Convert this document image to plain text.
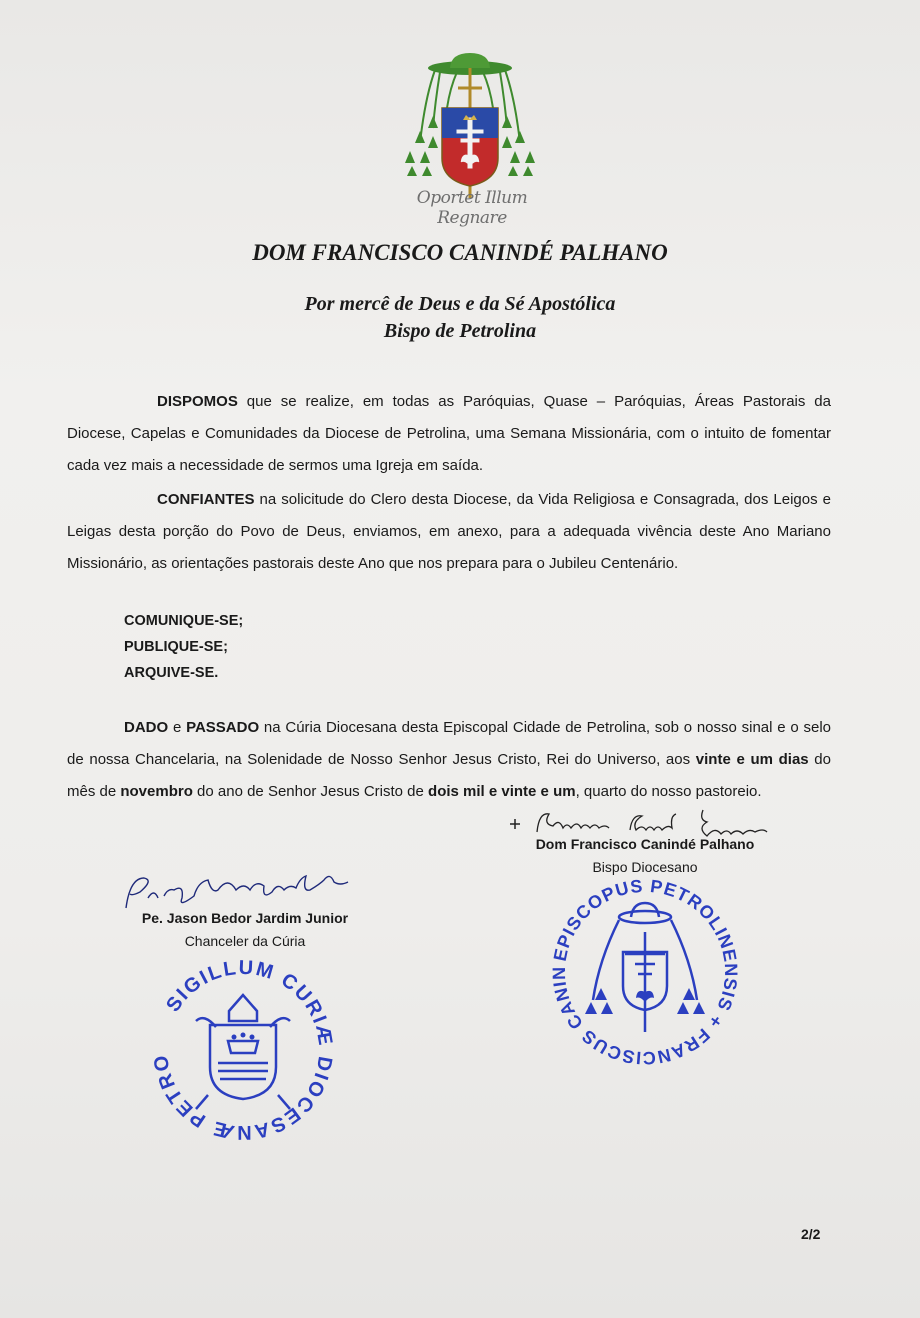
Oportet Illum Regnare
DOM FRANCISCO CANINDÉ PALHANO
Por mercê de Deus e da Sé Apostólica
Bispo de Petrolina
DISPOMOS que se realize, em todas as Paróquias, Quase – Paróquias, Áreas Pastorais da Diocese, Capelas e Comunidades da Diocese de Petrolina, uma Semana Missionária, com o intuito de fomentar cada vez mais a necessidade de sermos uma Igreja em saída.
CONFIANTES na solicitude do Clero desta Diocese, da Vida Religiosa e Consagrada, dos Leigos e Leigas desta porção do Povo de Deus, enviamos, em anexo, para a adequada vivência deste Ano Mariano Missionário, as orientações pastorais deste Ano que nos prepara para o Jubileu Centenário.
COMUNIQUE-SE;
PUBLIQUE-SE;
ARQUIVE-SE.
DADO e PASSADO na Cúria Diocesana desta Episcopal Cidade de Petrolina, sob o nosso sinal e o selo de nossa Chancelaria, na Solenidade de Nosso Senhor Jesus Cristo, Rei do Universo, aos vinte e um dias do mês de novembro do ano de Senhor Jesus Cristo de dois mil e vinte e um, quarto do nosso pastoreio.
Dom Francisco Canindé Palhano
Bispo Diocesano
Pe. Jason Bedor Jardim Junior
Chanceler da Cúria
SIGILLUM CURIÆ DIOCESANÆ PETRO
EPISCOPUS PETROLINENSIS + FRANCISCUS CANIN
2/2
